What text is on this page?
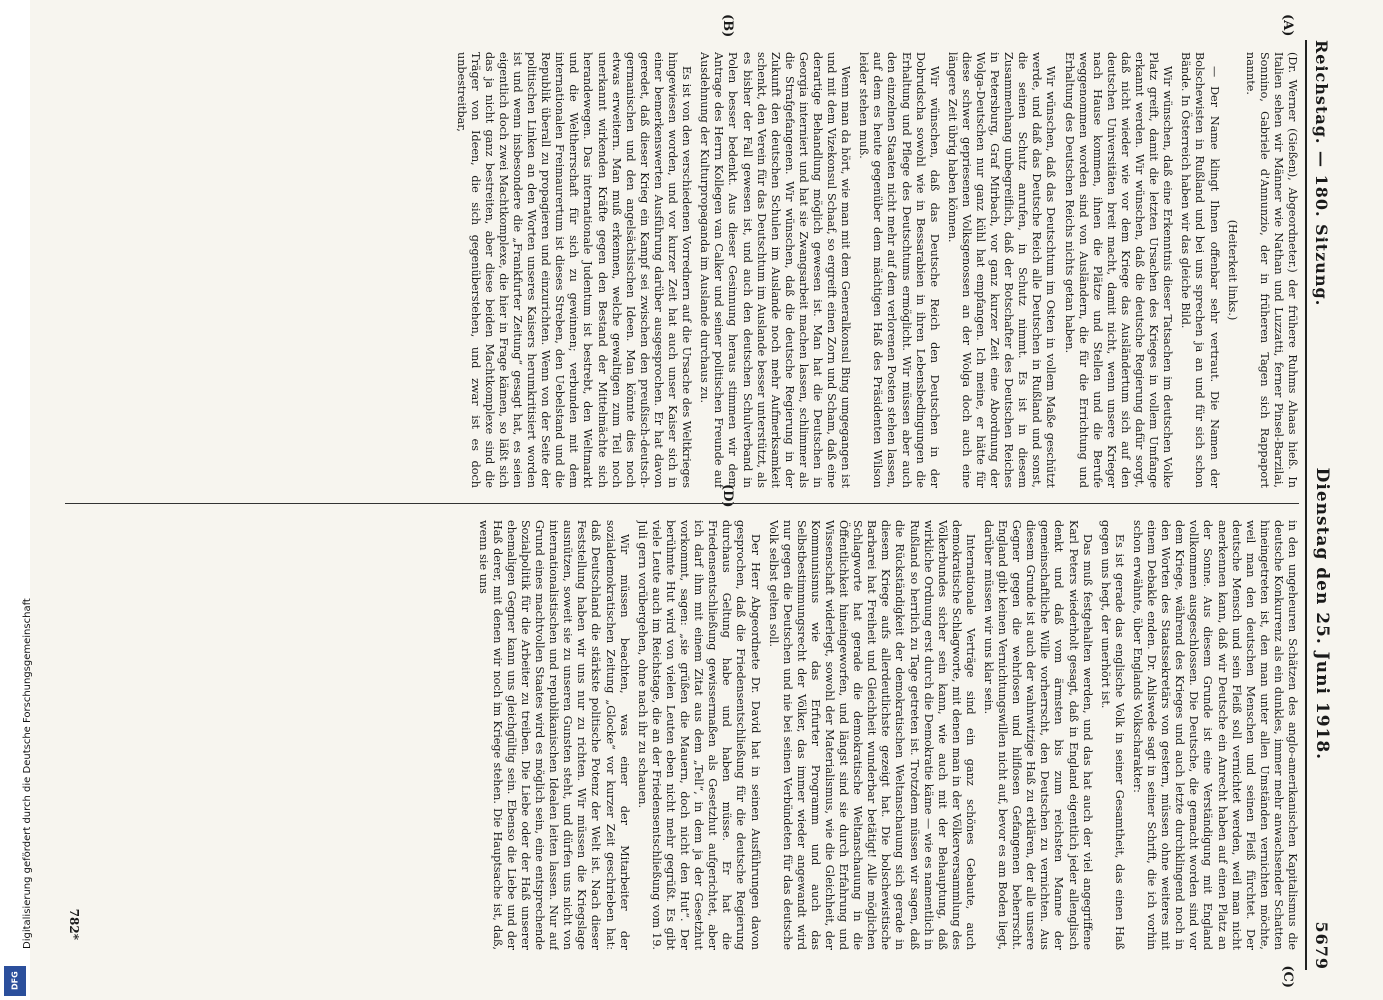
Digitalisierung gefördert durch die Deutsche Forschungsgemeinschaft
DFG
Reichstag. — 180. Sitzung.
Dienstag den 25. Juni 1918.
5679
(A)
(B)
(C)
(D)

(Dr. Werner (Gießen), Abgeordneter.) der frühere Ruhms Ahaas hieß. In Italien sehen wir Männer wie Nathan und Luzzatti, ferner Pinsel-Barzilai, Sonnino, Gabriele d'Annunzio, der in früheren Tagen sich Rappaport nannte.

(Heiterkeit links.)

— Der Name klingt Ihnen offenbar sehr vertraut. Die Namen der Bolschewisten in Rußland und bei uns sprechen ja an und für sich schon Bände. In Österreich haben wir das gleiche Bild.

Wir wünschen, daß eine Erkenntnis dieser Tatsachen im deutschen Volke Platz greift, damit die letzten Ursachen des Krieges in vollem Umfange erkannt werden. Wir wünschen, daß die deutsche Regierung dafür sorgt, daß nicht wieder wie vor dem Kriege das Ausländertum sich auf den deutschen Universitäten breit macht, damit nicht, wenn unsere Krieger nach Hause kommen, ihnen die Plätze und Stellen und die Berufe weggenommen worden sind von Ausländern, die für die Errichtung und Erhaltung des Deutschen Reichs nichts getan haben.

Wir wünschen, daß das Deutschtum im Osten in vollem Maße geschützt werde, und daß das Deutsche Reich alle Deutschen in Rußland und sonst, die seinen Schutz anrufen, in Schutz nimmt. Es ist in diesem Zusammenhang unbegreiflich, daß der Botschafter des Deutschen Reiches in Petersburg, Graf Mirbach, vor ganz kurzer Zeit eine Abordnung der Wolga-Deutschen nur ganz kühl hat empfangen. Ich meine, er hätte für diese schwer gepriesenen Volksgenossen an der Wolga doch auch eine längere Zeit übrig haben können.

Wir wünschen, daß das Deutsche Reich den Deutschen in der Dobrudscha sowohl wie in Bessarabien in ihren Lebensbedingungen die Erhaltung und Pflege des Deutschtums ermöglicht. Wir müssen aber auch den einzelnen Staaten nicht mehr auf dem verlorenen Posten stehen lassen, auf dem es heute gegenüber dem mächtigen Haß des Präsidenten Wilson leider stehen muß.

Wenn man da hört, wie man mit dem Generalkonsul Bing umgegangen ist und mit dem Vizekonsul Schaaf, so ergreift einen Zorn und Scham, daß eine derartige Behandlung möglich gewesen ist. Man hat die Deutschen in Georgia interniert und hat sie Zwangsarbeit machen lassen, schlimmer als die Strafgefangenen. Wir wünschen, daß die deutsche Regierung in der Zukunft den deutschen Schulen im Auslande noch mehr Aufmerksamkeit schenkt, den Verein für das Deutschtum im Auslande besser unterstützt, als es bisher der Fall gewesen ist, und auch den deutschen Schulverband in Polen besser bedenkt. Aus dieser Gesinnung heraus stimmen wir dem Antrage des Herrn Kollegen van Calker und seiner politischen Freunde auf Ausdehnung der Kulturpropaganda im Auslande durchaus zu.

Es ist von den verschiedenen Vorrednern auf die Ursache des Weltkrieges hingewiesen worden, und vor kurzer Zeit hat auch unser Kaiser sich in einer bemerkenswerten Ausführung darüber ausgesprochen. Er hat davon geredet, daß dieser Krieg ein Kampf sei zwischen den preußisch-deutsch-germanischen und den angelsächsischen Ideen. Man könnte dies noch etwas erweitern. Man muß erkennen, welche gewaltigen zum Teil noch unerkannt wirkenden Kräfte gegen den Bestand der Mittelmächte sich herandewegen. Das internationale Judentum ist bestrebt, den Weltmarkt und die Weltherrschaft für sich zu gewinnen; verbunden mit dem internationalen Freimaurertum ist dieses Streben, den Uebelstand und die Republik überall zu propagieren und einzurichten. Wenn von der Seite der politischen Linken an den Worten unseres Kaisers herumkritisiert worden ist und wenn insbesondere die „Frankfurter Zeitung“ gesagt hat, es seien eigentlich doch zwei Machtkomplexe, die hier in Frage kämen, so läßt sich das ja nicht ganz bestreiten, aber diese beiden Machtkomplexe sind die Träger von Ideen, die sich gegenüberstehen, und zwar ist es doch unbestreitbar,

in den ungeheuren Schätzen des anglo-amerikanischen Kapitalismus die deutsche Konkurrenz als ein dunkles, immer mehr anwachsender Schatten hineingetreten ist, den man unter allen Umständen vernichten möchte, weil man den deutschen Menschen und seinen Fleiß fürchtet. Der deutsche Mensch und sein Fleiß soll vernichtet werden, weil man nicht anerkennen kann, daß wir Deutsche ein Anrecht haben auf einen Platz an der Sonne. Aus diesem Grunde ist eine Verständigung mit England vollkommen ausgeschlossen. Die Deutsche, die gemacht worden sind vor dem Kriege, während des Krieges und auch letzte durchklingend noch in den Worten des Staatssekretärs von gestern, müssen ohne weiteres mit einem Debakle enden. Dr. Ahlswede sagt in seiner Schrift, die ich vorhin schon erwähnte, über Englands Volkscharakter:

Es ist gerade das englische Volk in seiner Gesamtheit, das einen Haß gegen uns hegt, der unerhört ist.

Das muß festgehalten werden, und das hat auch der viel angegriffene Karl Peters wiederholt gesagt, daß in England eigentlich jeder allenglisch denkt und daß vom ärmsten bis zum reichsten Manne der gemeinschaftliche Wille vorherrscht, den Deutschen zu vernichten. Aus diesem Grunde ist auch der wahnwitzige Haß zu erklären, der alle unsere Gegner gegen die wehrlosen und hilflosen Gefangenen beherrscht. England gibt keinen Vernichtungswillen nicht auf, bevor es am Boden liegt, darüber müssen wir uns klar sein.

Internationale Verträge sind ein ganz schönes Gebaute, auch demokratische Schlagworte, mit denen man in der Völkerversammlung des Völkerbundes sicher sein kann, wie auch mit der Behauptung, daß wirkliche Ordnung erst durch die Demokratie käme — wie es namentlich in Rußland so herrlich zu Tage getreten ist. Trotzdem müssen wir sagen, daß die Rückständigkeit der demokratischen Weltanschauung sich gerade in diesem Kriege aufs allerdeutlichste gezeigt hat. Die bolschewistische Barbarei hat Freiheit und Gleichheit wunderbar betätigt! Alle möglichen Schlagworte hat gerade die demokratische Weltanschauung in die Öffentlichkeit hineingeworfen, und längst sind sie durch Erfahrung und Wissenschaft widerlegt, sowohl der Materialismus, wie die Gleichheit, der Kommunismus wie das Erfurter Programm und auch das Selbstbestimmungsrecht der Völker, das immer wieder angewandt wird nur gegen die Deutschen und nie bei seinen Verbündeten für das deutsche Volk selbst gelten soll.

Der Herr Abgeordnete Dr. David hat in seinen Ausführungen davon gesprochen, daß die Friedensentschließung für die deutsche Regierung durchaus Geltung habe und haben müsse. Er hat die Friedensentschließung gewissermaßen als Gesetzhut aufgerichtet, aber ich darf ihm mit einem Zitat aus dem „Tell“, in dem ja der Gesetzhut vorkommt, sagen: „sie grüßen die Mauern, doch nicht den Hut“. Der berühmte Hut wird von vielen Leuten eben nicht mehr gegrüßt. Es gibt viele Leute auch im Reichstage, die an der Friedensentschließung vom 19. Juli gern vorübergehen, ohne nach ihr zu schauen.

Wir müssen beachten, was einer der Mitarbeiter der sozialdemokratischen Zeitung „Glocke“ vor kurzer Zeit geschrieben hat: daß Deutschland die stärkste politische Potenz der Welt ist. Nach dieser Feststellung haben wir uns nur zu richten. Wir müssen die Kriegslage ausnützen, soweit sie zu unseren Gunsten steht, und dürfen uns nicht von internationalistischen und republikanischen Idealen leiten lassen. Nur auf Grund eines machtvollen Staates wird es möglich sein, eine entsprechende Sozialpolitik für die Arbeiter zu treiben. Die Liebe oder der Haß unserer ehemaligen Gegner kann uns gleichgültig sein. Ebenso die Liebe und der Haß derer, mit denen wir noch im Kriege stehen. Die Hauptsache ist, daß, wenn sie uns

782*
